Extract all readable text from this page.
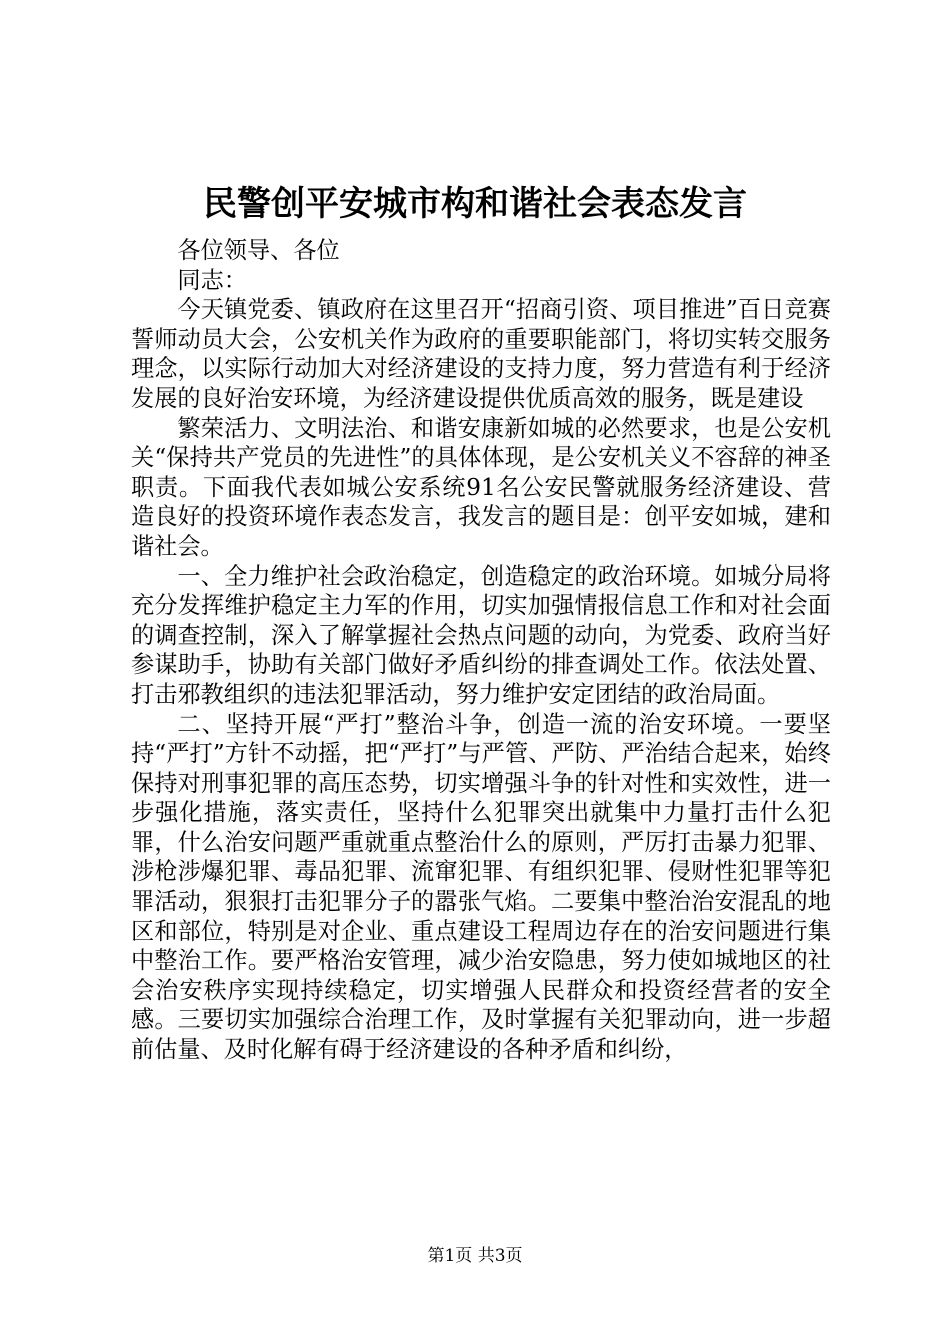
民警创平安城市构和谐社会表态发言

各位领导、各位

同志：

今天镇党委、镇政府在这里召开“招商引资、项目推进”百日竞赛誓师动员大会，公安机关作为政府的重要职能部门，将切实转交服务理念，以实际行动加大对经济建设的支持力度，努力营造有利于经济发展的良好治安环境，为经济建设提供优质高效的服务，既是建设

繁荣活力、文明法治、和谐安康新如城的必然要求，也是公安机关“保持共产党员的先进性”的具体体现，是公安机关义不容辞的神圣职责。下面我代表如城公安系统91名公安民警就服务经济建设、营造良好的投资环境作表态发言，我发言的题目是：创平安如城，建和谐社会。

一、全力维护社会政治稳定，创造稳定的政治环境。如城分局将充分发挥维护稳定主力军的作用，切实加强情报信息工作和对社会面的调查控制，深入了解掌握社会热点问题的动向，为党委、政府当好参谋助手，协助有关部门做好矛盾纠纷的排查调处工作。依法处置、打击邪教组织的违法犯罪活动，努力维护安定团结的政治局面。

二、坚持开展“严打”整治斗争，创造一流的治安环境。一要坚持“严打”方针不动摇，把“严打”与严管、严防、严治结合起来，始终保持对刑事犯罪的高压态势，切实增强斗争的针对性和实效性，进一步强化措施，落实责任，坚持什么犯罪突出就集中力量打击什么犯罪，什么治安问题严重就重点整治什么的原则，严厉打击暴力犯罪、涉枪涉爆犯罪、毒品犯罪、流窜犯罪、有组织犯罪、侵财性犯罪等犯罪活动，狠狠打击犯罪分子的嚣张气焰。二要集中整治治安混乱的地区和部位，特别是对企业、重点建设工程周边存在的治安问题进行集中整治工作。要严格治安管理，减少治安隐患，努力使如城地区的社会治安秩序实现持续稳定，切实增强人民群众和投资经营者的安全感。三要切实加强综合治理工作，及时掌握有关犯罪动向，进一步超前估量、及时化解有碍于经济建设的各种矛盾和纠纷，

第1页 共3页
